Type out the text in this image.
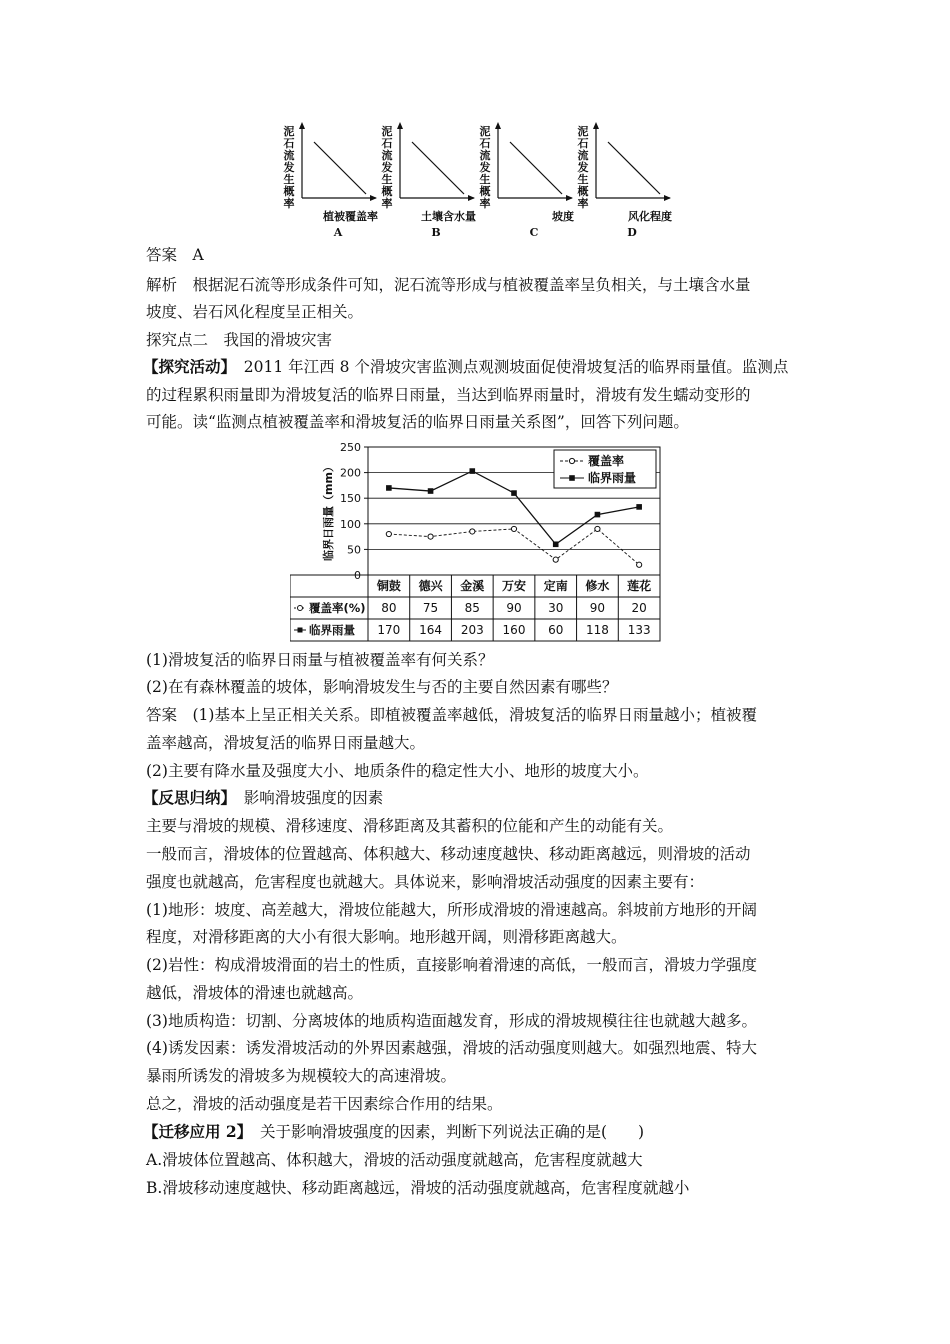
泥石流发生概率
植被覆盖率
A
泥石流发生概率
土壤含水量
B
泥石流发生概率
坡度
C
泥石流发生概率
风化程度
D
答案　A
解析　根据泥石流等形成条件可知，泥石流等形成与植被覆盖率呈负相关，与土壤含水量
坡度、岩石风化程度呈正相关。
探究点二　我国的滑坡灾害
【探究活动】　2011 年江西 8 个滑坡灾害监测点观测坡面促使滑坡复活的临界雨量值。监测点
的过程累积雨量即为滑坡复活的临界日雨量，当达到临界雨量时，滑坡有发生蠕动变形的
可能。读“监测点植被覆盖率和滑坡复活的临界日雨量关系图”，回答下列问题。
0
50
100
150
200
250
临界日雨量（mm）
铜鼓 德兴 金溪 万安 定南 修水 莲花
覆盖率(%) 80 75 85 90 30 90 20
临界雨量 170 164 203 160 60 118 133
覆盖率
临界雨量
(1)滑坡复活的临界日雨量与植被覆盖率有何关系？
(2)在有森林覆盖的坡体，影响滑坡发生与否的主要自然因素有哪些？
答案　(1)基本上呈正相关关系。即植被覆盖率越低，滑坡复活的临界日雨量越小；植被覆
盖率越高，滑坡复活的临界日雨量越大。
(2)主要有降水量及强度大小、地质条件的稳定性大小、地形的坡度大小。
【反思归纳】　影响滑坡强度的因素
主要与滑坡的规模、滑移速度、滑移距离及其蓄积的位能和产生的动能有关。
一般而言，滑坡体的位置越高、体积越大、移动速度越快、移动距离越远，则滑坡的活动
强度也就越高，危害程度也就越大。具体说来，影响滑坡活动强度的因素主要有：
(1)地形：坡度、高差越大，滑坡位能越大，所形成滑坡的滑速越高。斜坡前方地形的开阔
程度，对滑移距离的大小有很大影响。地形越开阔，则滑移距离越大。
(2)岩性：构成滑坡滑面的岩土的性质，直接影响着滑速的高低，一般而言，滑坡力学强度
越低，滑坡体的滑速也就越高。
(3)地质构造：切割、分离坡体的地质构造面越发育，形成的滑坡规模往往也就越大越多。
(4)诱发因素：诱发滑坡活动的外界因素越强，滑坡的活动强度则越大。如强烈地震、特大
暴雨所诱发的滑坡多为规模较大的高速滑坡。
总之，滑坡的活动强度是若干因素综合作用的结果。
【迁移应用 2】　关于影响滑坡强度的因素，判断下列说法正确的是(　　)
A.滑坡体位置越高、体积越大，滑坡的活动强度就越高，危害程度就越大
B.滑坡移动速度越快、移动距离越远，滑坡的活动强度就越高，危害程度就越小
